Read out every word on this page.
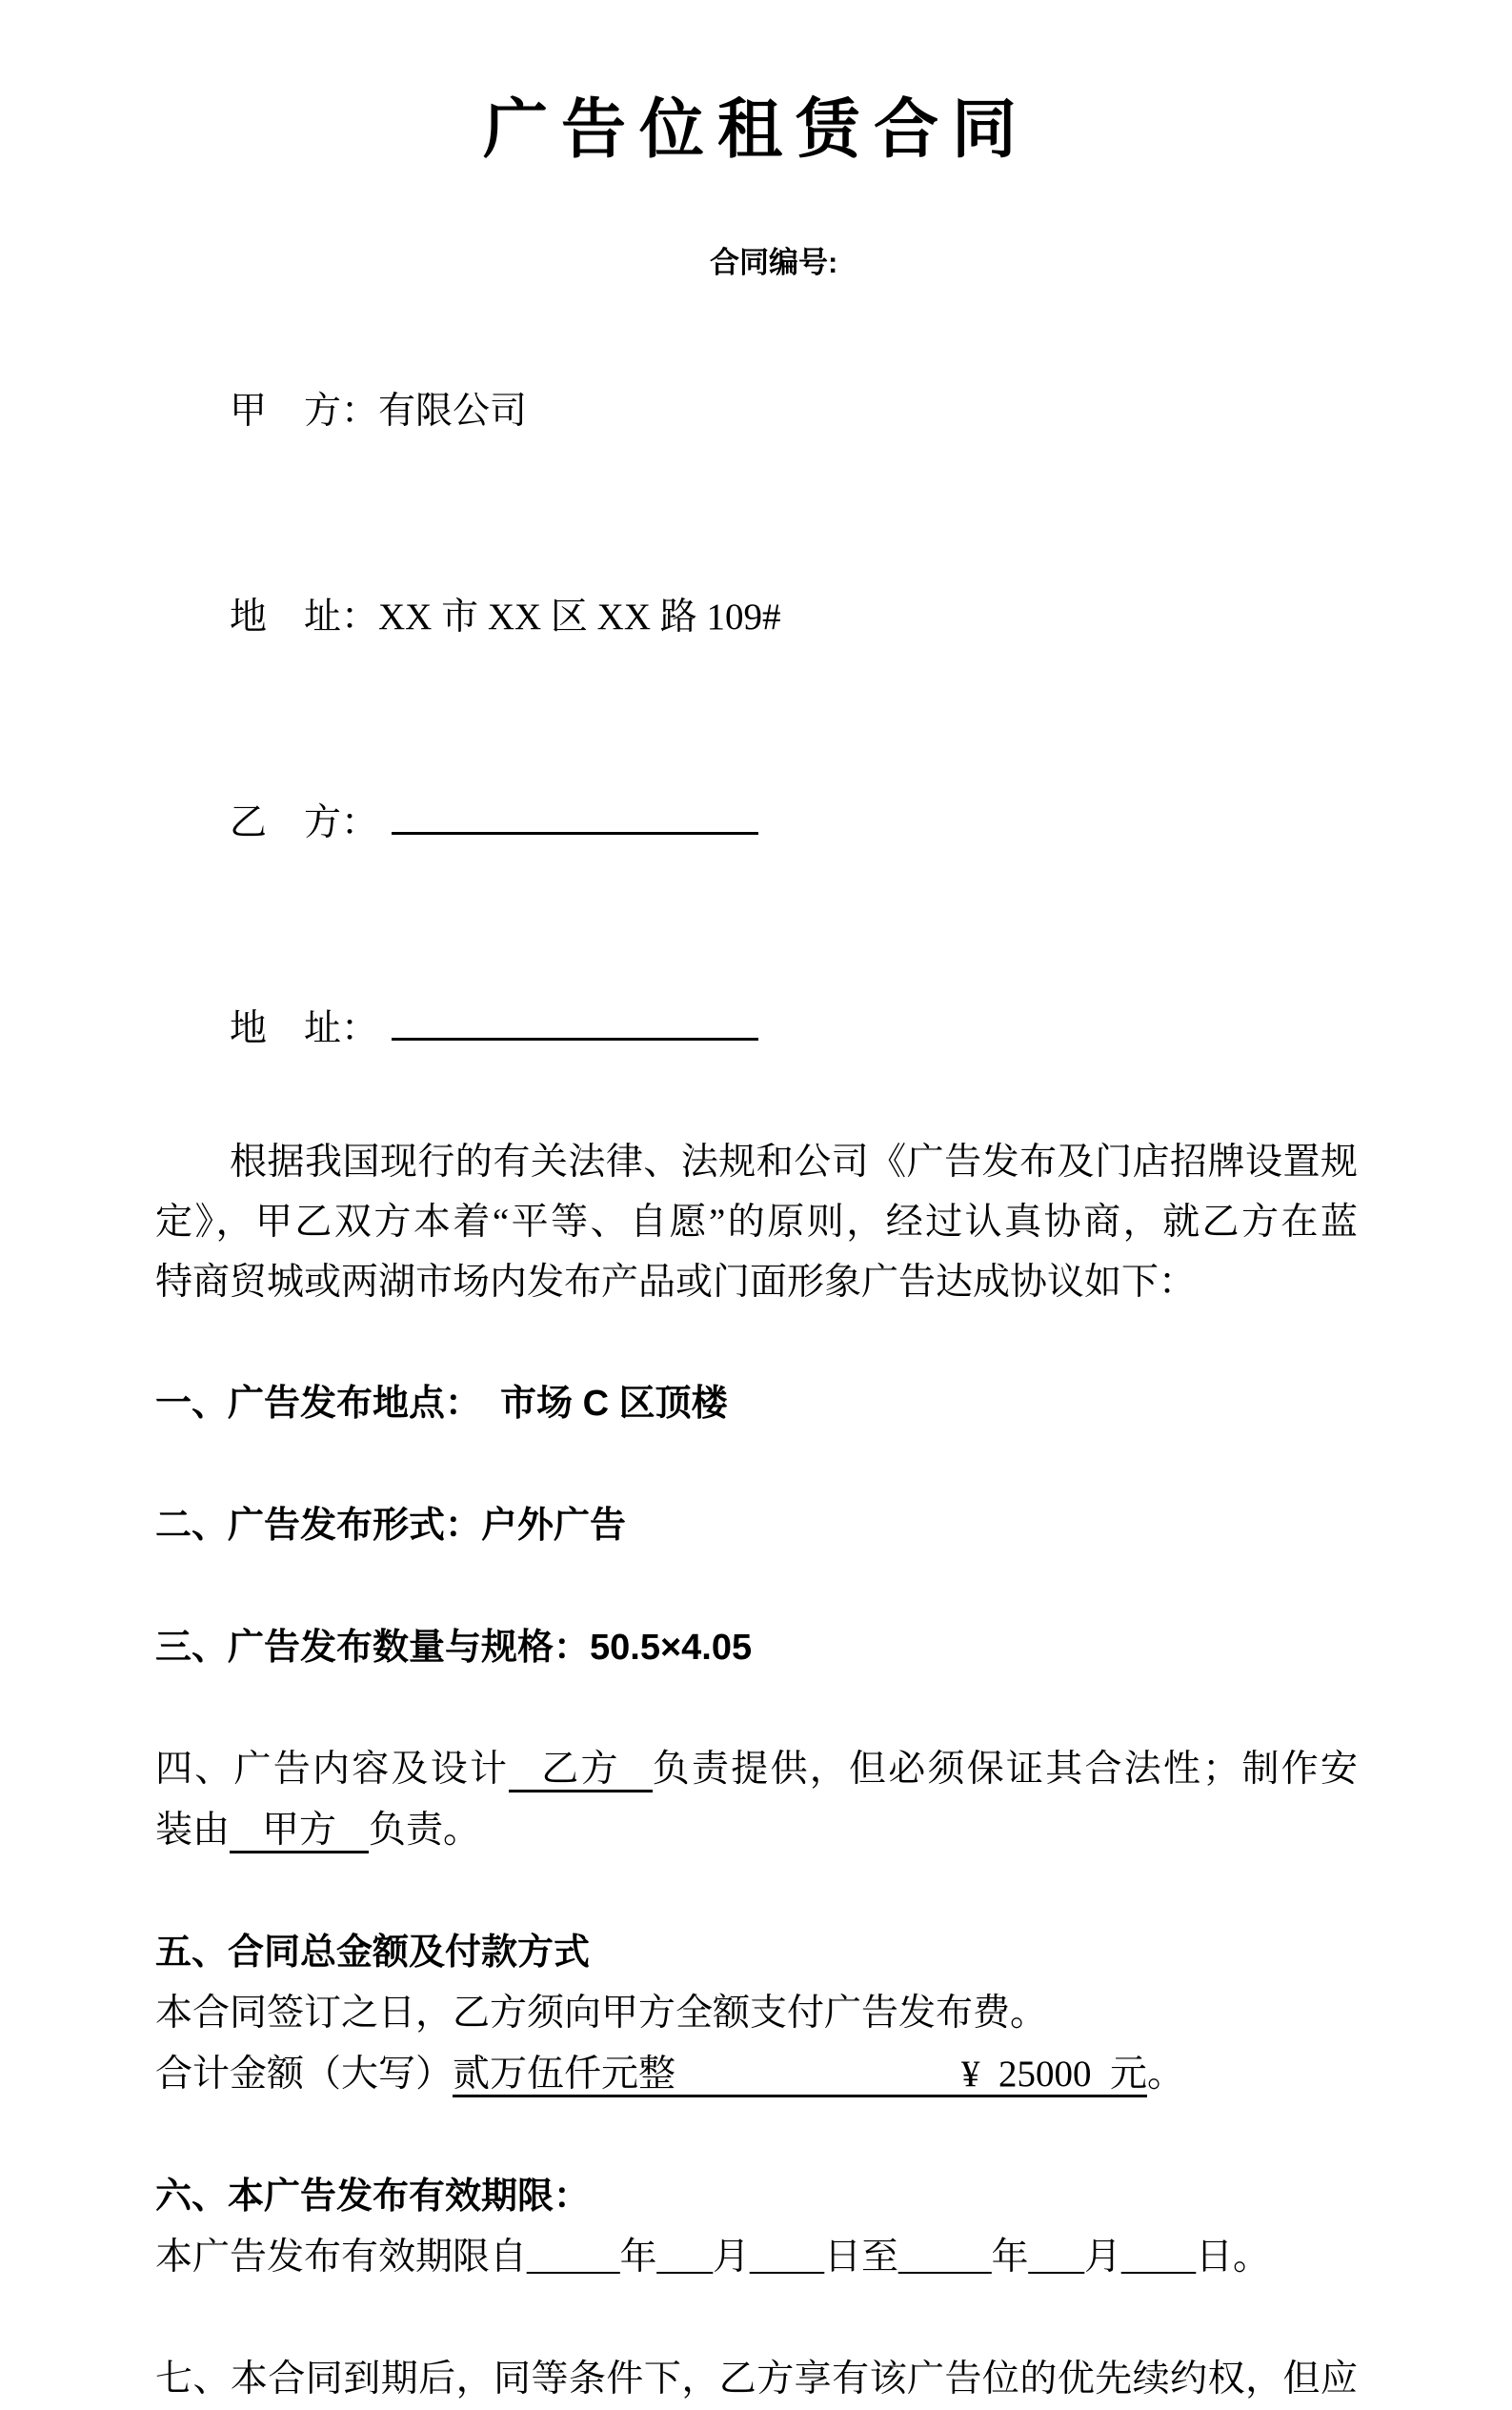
广告位租赁合同
合同编号:

甲　方：有限公司

地　址：XX 市 XX 区 XX 路 109#

乙　方：

地　址：

根据我国现行的有关法律、法规和公司《广告发布及门店招牌设置规

定》，甲乙双方本着“平等、自愿”的原则，经过认真协商，就乙方在蓝

特商贸城或两湖市场内发布产品或门面形象广告达成协议如下：

一、广告发布地点： 市场 C 区顶楼

二、广告发布形式：户外广告

三、广告发布数量与规格：50.5×4.05

四、广告内容及设计 乙方 负责提供，但必须保证其合法性；制作安

装由 甲方 负责。

五、合同总金额及付款方式

本合同签订之日，乙方须向甲方全额支付广告发布费。

合计金额（大写）贰万伍仟元整	¥  25000  元。

六、本广告发布有效期限：

本广告发布有效期限自_____年___月____日至_____年___月____日。

七、本合同到期后，同等条件下，乙方享有该广告位的优先续约权，但应
